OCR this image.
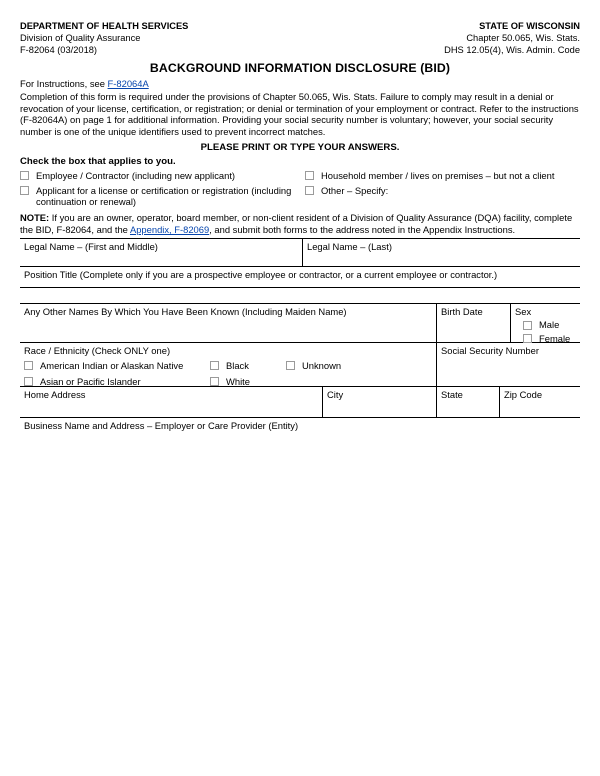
DEPARTMENT OF HEALTH SERVICES
Division of Quality Assurance
F-82064 (03/2018)
STATE OF WISCONSIN
Chapter 50.065, Wis. Stats.
DHS 12.05(4), Wis. Admin. Code
BACKGROUND INFORMATION DISCLOSURE (BID)
For Instructions, see F-82064A
Completion of this form is required under the provisions of Chapter 50.065, Wis. Stats. Failure to comply may result in a denial or revocation of your license, certification, or registration; or denial or termination of your employment or contract. Refer to the instructions (F-82064A) on page 1 for additional information. Providing your social security number is voluntary; however, your social security number is one of the unique identifiers used to prevent incorrect matches.
PLEASE PRINT OR TYPE YOUR ANSWERS.
Check the box that applies to you.
Employee / Contractor (including new applicant)
Applicant for a license or certification or registration (including continuation or renewal)
Household member / lives on premises – but not a client
Other – Specify:
NOTE: If you are an owner, operator, board member, or non-client resident of a Division of Quality Assurance (DQA) facility, complete the BID, F-82064, and the Appendix, F-82069, and submit both forms to the address noted in the Appendix Instructions.
Legal Name – (First and Middle)	Legal Name – (Last)
Position Title (Complete only if you are a prospective employee or contractor, or a current employee or contractor.)
Any Other Names By Which You Have Been Known (Including Maiden Name)	Birth Date	Sex
Male
Female
Race / Ethnicity (Check ONLY one)
American Indian or Alaskan Native	Black	Unknown
Asian or Pacific Islander	White
Social Security Number
Home Address	City	State	Zip Code
Business Name and Address – Employer or Care Provider (Entity)
